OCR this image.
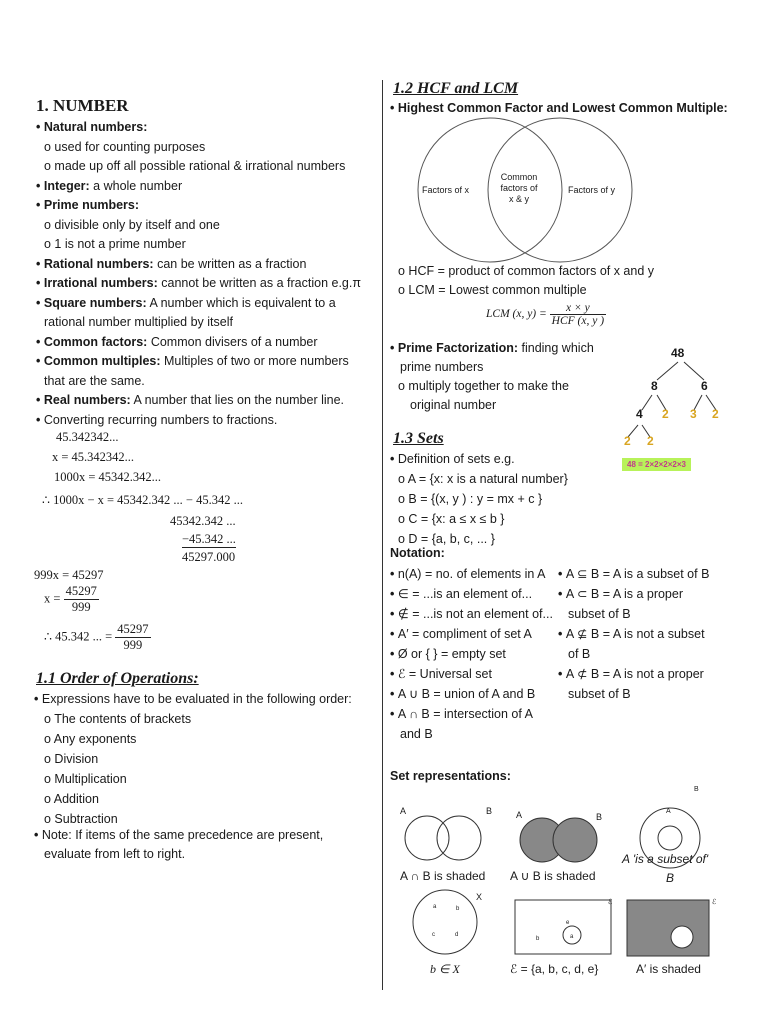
1. NUMBER
• Natural numbers:
o used for counting purposes
o made up off all possible rational & irrational numbers
• Integer: a whole number
• Prime numbers:
o divisible only by itself and one
o 1 is not a prime number
• Rational numbers: can be written as a fraction
• Irrational numbers: cannot be written as a fraction e.g.π
• Square numbers: A number which is equivalent to a
rational number multiplied by itself
• Common factors: Common divisers of a number
• Common multiples: Multiples of two or more numbers
that are the same.
• Real numbers: A number that lies on the number line.
• Converting recurring numbers to fractions.
45.342342...
x = 45.342342...
1000x = 45342.342...
∴ 1000x − x = 45342.342 ... − 45.342 ...
45342.342 ...
−45.342 ...
45297.000
999x = 45297
$x = \frac{45297}{999}$
∴ 45.342 ... = $\frac{45297}{999}$
1.1 Order of Operations:
• Expressions have to be evaluated in the following order:
o The contents of brackets
o Any exponents
o Division
o Multiplication
o Addition
o Subtraction
• Note: If items of the same precedence are present,
evaluate from left to right.
1.2 HCF and LCM
• Highest Common Factor and Lowest Common Multiple:
Factors of x
Common
factors of
x & y
Factors of y
o HCF = product of common factors of x and y
o LCM = Lowest common multiple
LCM (x, $y) = \frac{x \times y}{\text{HCF (x, y )}}$
• Prime Factorization: finding which
prime numbers
o multiply together to make the
original number
48
8	6
4 2 3 2
2 2
48 = 2×2×2×2×3
1.3 Sets
• Definition of sets e.g.
o A = {x: x is a natural number}
o B = {(x, y ) : y = mx + c }
o C = {x: a ≤ x ≤ b }
o D = {a, b, c, ... }
Notation:
• n(A) = no. of elements in A
• ∈ = ...is an element of...
• ∉ = ...is not an element of...
• A′ = compliment of set A
• Ø or { } = empty set
• ℰ = Universal set
• A ∪ B = union of A and B
• A ∩ B = intersection of A
and B
• A ⊆ B = A is a subset of B
• A ⊂ B = A is a proper
subset of B
• A ⊈ B = A is not a subset
of B
• A ⊄ B = A is not a proper
subset of B
Set representations:
A	B	A	B
A
B
A ∩ B is shaded A ∪ B is shaded
A 'is a subset of'
B
X
a	b
c	d
ℰ
b
e
a
ℰ
b ∈ X	ℰ = {a, b, c, d, e}	A′ is shaded
